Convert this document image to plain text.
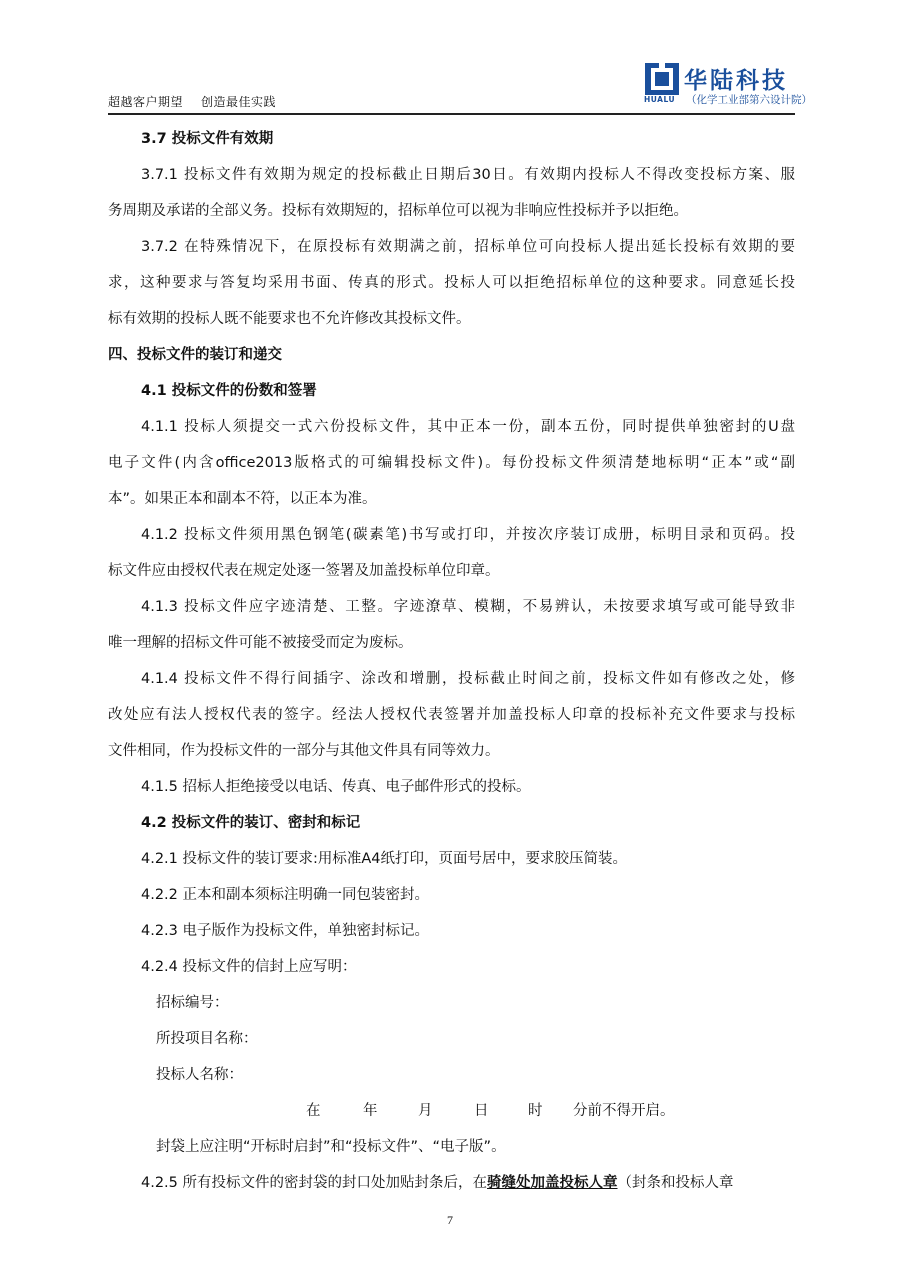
超越客户期望 创造最佳实践	HUALU
华陆科技
（化学工业部第六设计院）
3.7 投标文件有效期
3.7.1 投标文件有效期为规定的投标截止日期后30日。有效期内投标人不得改变投标方案、服
务周期及承诺的全部义务。投标有效期短的，招标单位可以视为非响应性投标并予以拒绝。
3.7.2 在特殊情况下，在原投标有效期满之前，招标单位可向投标人提出延长投标有效期的要
求，这种要求与答复均采用书面、传真的形式。投标人可以拒绝招标单位的这种要求。同意延长投
标有效期的投标人既不能要求也不允许修改其投标文件。
四、投标文件的装订和递交
4.1 投标文件的份数和签署
4.1.1 投标人须提交一式六份投标文件，其中正本一份，副本五份，同时提供单独密封的U盘
电子文件(内含office2013版格式的可编辑投标文件)。每份投标文件须清楚地标明“正本”或“副
本”。如果正本和副本不符，以正本为准。
4.1.2 投标文件须用黑色钢笔(碳素笔)书写或打印，并按次序装订成册，标明目录和页码。投
标文件应由授权代表在规定处逐一签署及加盖投标单位印章。
4.1.3 投标文件应字迹清楚、工整。字迹潦草、模糊，不易辨认，未按要求填写或可能导致非
唯一理解的招标文件可能不被接受而定为废标。
4.1.4 投标文件不得行间插字、涂改和增删，投标截止时间之前，投标文件如有修改之处，修
改处应有法人授权代表的签字。经法人授权代表签署并加盖投标人印章的投标补充文件要求与投标
文件相同，作为投标文件的一部分与其他文件具有同等效力。
4.1.5 招标人拒绝接受以电话、传真、电子邮件形式的投标。
4.2 投标文件的装订、密封和标记
4.2.1 投标文件的装订要求:用标准A4纸打印，页面号居中，要求胶压简装。
4.2.2 正本和副本须标注明确一同包装密封。
4.2.3 电子版作为投标文件，单独密封标记。
4.2.4 投标文件的信封上应写明：
招标编号：
所投项目名称：
投标人名称：
在	年	月	日	时 分前不得开启。
封袋上应注明“开标时启封”和“投标文件”、“电子版”。
4.2.5 所有投标文件的密封袋的封口处加贴封条后，在骑缝处加盖投标人章（封条和投标人章
7
